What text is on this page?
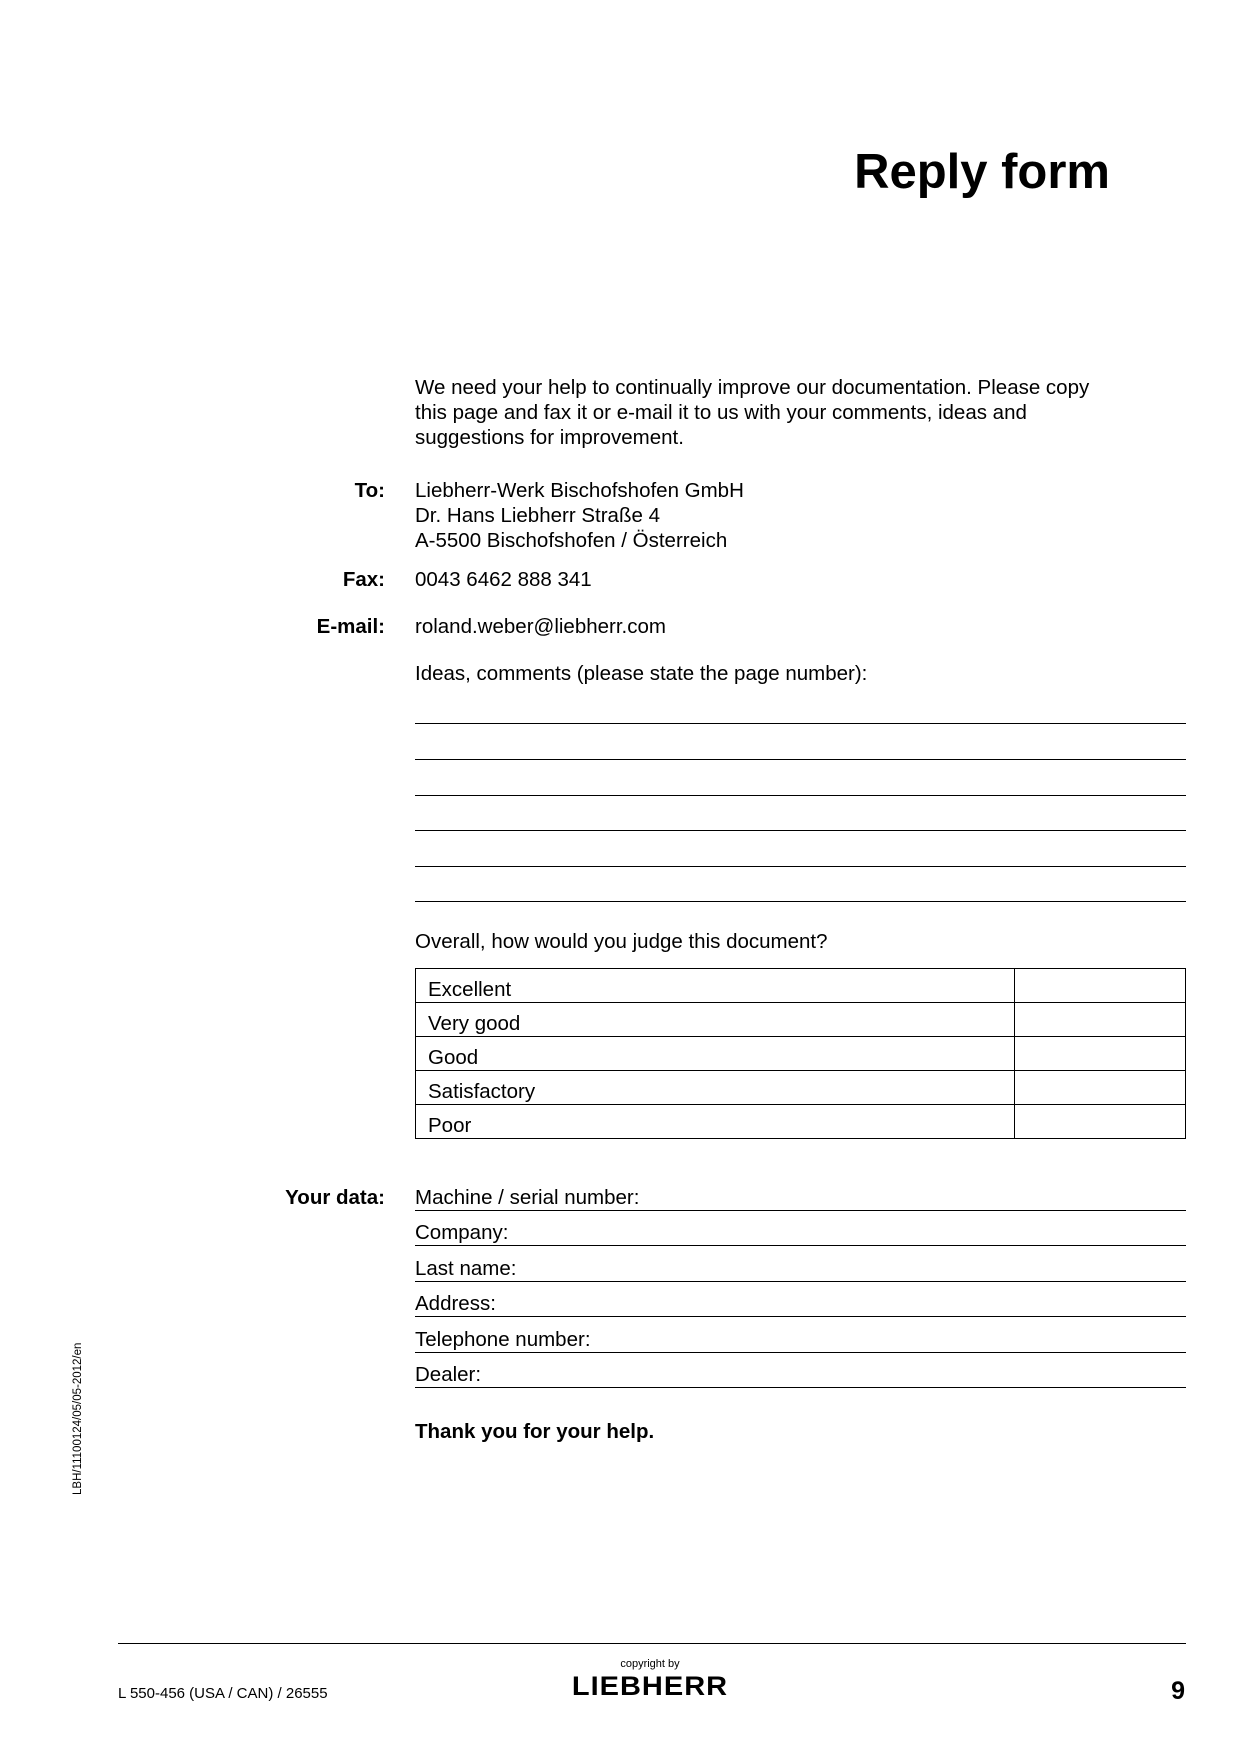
Reply form
We need your help to continually improve our documentation. Please copy this page and fax it or e-mail it to us with your comments, ideas and suggestions for improvement.
To: Liebherr-Werk Bischofshofen GmbH
Dr. Hans Liebherr Straße 4
A-5500 Bischofshofen / Österreich
Fax: 0043 6462 888 341
E-mail: roland.weber@liebherr.com
Ideas, comments (please state the page number):
Overall, how would you judge this document?
Excellent	
Very good	
Good	
Satisfactory	
Poor	
Your data: Machine / serial number:
Company:
Last name:
Address:
Telephone number:
Dealer:
Thank you for your help.
LBH/11100124/05/05-2012/en
L 550-456 (USA / CAN) / 26555
copyright by
LIEBHERR	9
